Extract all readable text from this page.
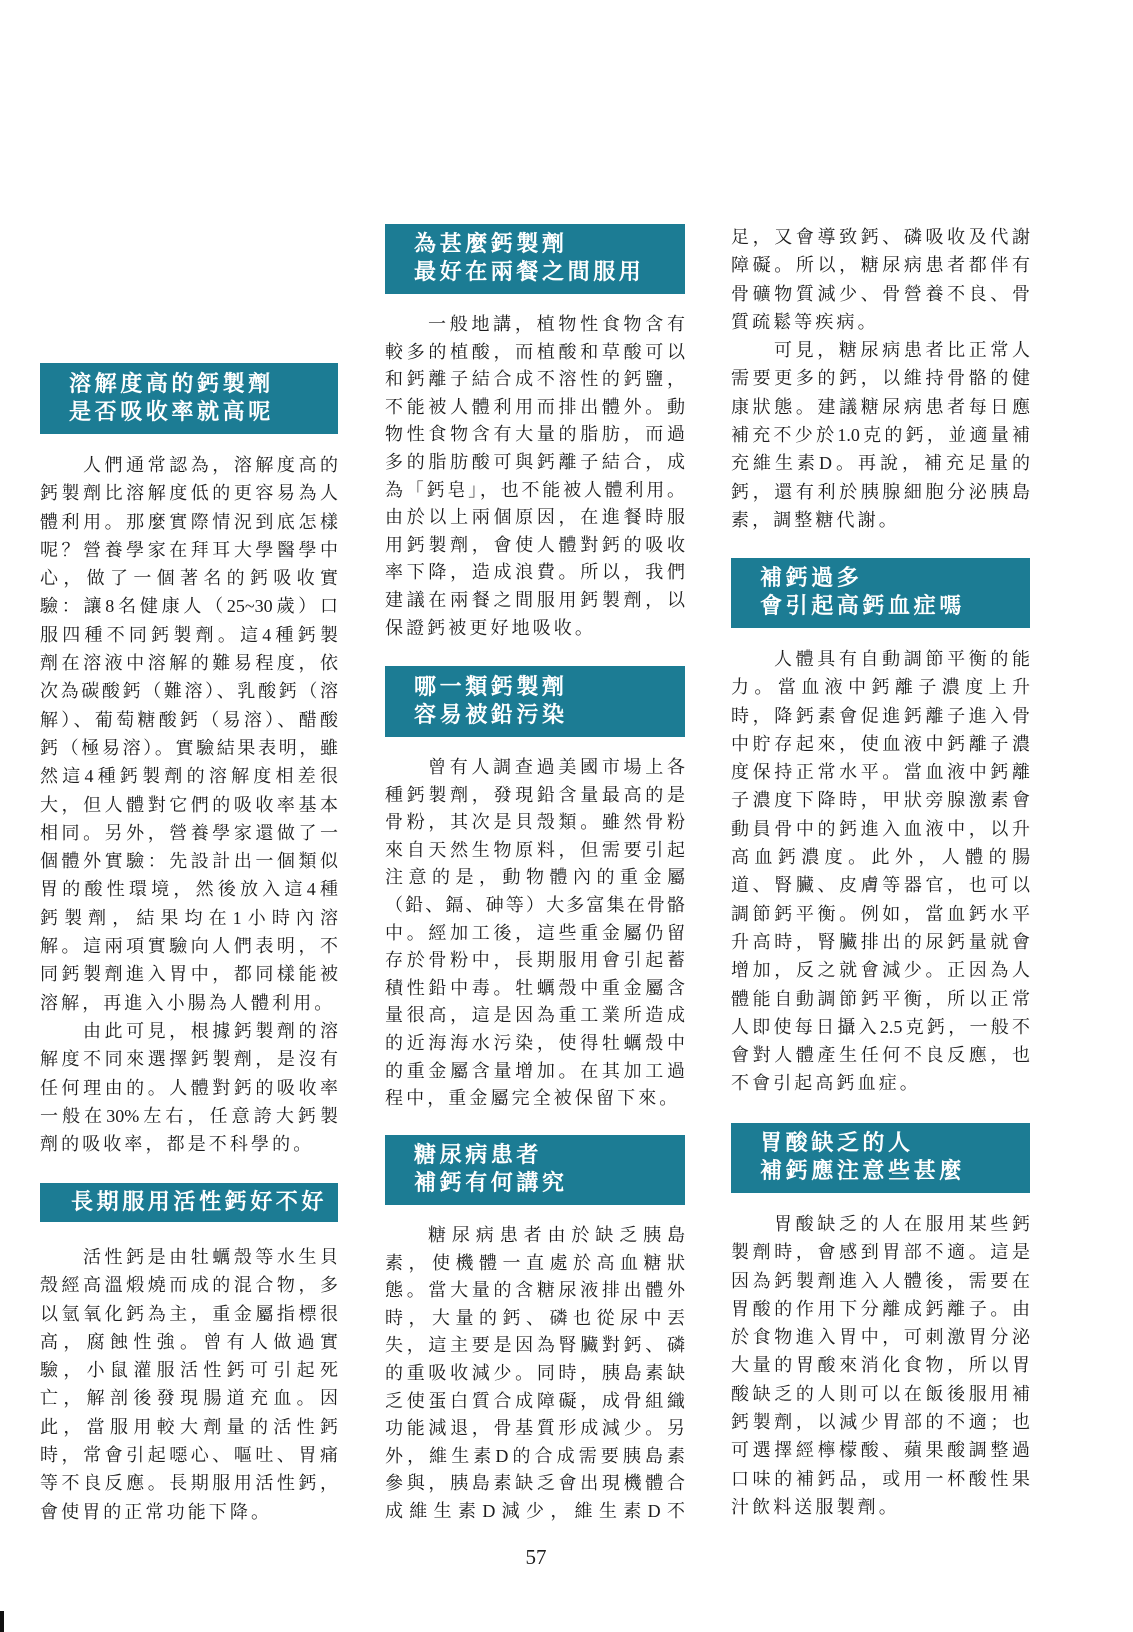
溶解度高的鈣製劑
是否吸收率就高呢
人們通常認為，溶解度高的
鈣製劑比溶解度低的更容易為人
體利用。那麼實際情況到底怎樣
呢？營養學家在拜耳大學醫學中
心，做了一個著名的鈣吸收實
驗：讓8名健康人（25~30歲）口
服四種不同鈣製劑。這4種鈣製
劑在溶液中溶解的難易程度，依
次為碳酸鈣（難溶）、乳酸鈣（溶
解）、葡萄糖酸鈣（易溶）、醋酸
鈣（極易溶）。實驗結果表明，雖
然這4種鈣製劑的溶解度相差很
大，但人體對它們的吸收率基本
相同。另外，營養學家還做了一
個體外實驗：先設計出一個類似
胃的酸性環境，然後放入這4種
鈣製劑，結果均在1小時內溶
解。這兩項實驗向人們表明，不
同鈣製劑進入胃中，都同樣能被
溶解，再進入小腸為人體利用。
由此可見，根據鈣製劑的溶
解度不同來選擇鈣製劑，是沒有
任何理由的。人體對鈣的吸收率
一般在30%左右，任意誇大鈣製
劑的吸收率，都是不科學的。
長期服用活性鈣好不好
活性鈣是由牡蠣殼等水生貝
殼經高溫煅燒而成的混合物，多
以氫氧化鈣為主，重金屬指標很
高，腐蝕性強。曾有人做過實
驗，小鼠灌服活性鈣可引起死
亡，解剖後發現腸道充血。因
此，當服用較大劑量的活性鈣
時，常會引起噁心、嘔吐、胃痛
等不良反應。長期服用活性鈣，
會使胃的正常功能下降。
為甚麼鈣製劑
最好在兩餐之間服用
一般地講，植物性食物含有
較多的植酸，而植酸和草酸可以
和鈣離子結合成不溶性的鈣鹽，
不能被人體利用而排出體外。動
物性食物含有大量的脂肪，而過
多的脂肪酸可與鈣離子結合，成
為「鈣皂」，也不能被人體利用。
由於以上兩個原因，在進餐時服
用鈣製劑，會使人體對鈣的吸收
率下降，造成浪費。所以，我們
建議在兩餐之間服用鈣製劑，以
保證鈣被更好地吸收。
哪一類鈣製劑
容易被鉛污染
曾有人調查過美國市場上各
種鈣製劑，發現鉛含量最高的是
骨粉，其次是貝殼類。雖然骨粉
來自天然生物原料，但需要引起
注意的是，動物體內的重金屬
（鉛、鎘、砷等）大多富集在骨骼
中。經加工後，這些重金屬仍留
存於骨粉中，長期服用會引起蓄
積性鉛中毒。牡蠣殼中重金屬含
量很高，這是因為重工業所造成
的近海海水污染，使得牡蠣殼中
的重金屬含量增加。在其加工過
程中，重金屬完全被保留下來。
糖尿病患者
補鈣有何講究
糖尿病患者由於缺乏胰島
素，使機體一直處於高血糖狀
態。當大量的含糖尿液排出體外
時，大量的鈣、磷也從尿中丟
失，這主要是因為腎臟對鈣、磷
的重吸收減少。同時，胰島素缺
乏使蛋白質合成障礙，成骨組織
功能減退，骨基質形成減少。另
外，維生素D的合成需要胰島素
參與，胰島素缺乏會出現機體合
成維生素D減少，維生素D不
足，又會導致鈣、磷吸收及代謝
障礙。所以，糖尿病患者都伴有
骨礦物質減少、骨營養不良、骨
質疏鬆等疾病。
可見，糖尿病患者比正常人
需要更多的鈣，以維持骨骼的健
康狀態。建議糖尿病患者每日應
補充不少於1.0克的鈣，並適量補
充維生素D。再說，補充足量的
鈣，還有利於胰腺細胞分泌胰島
素，調整糖代謝。
補鈣過多
會引起高鈣血症嗎
人體具有自動調節平衡的能
力。當血液中鈣離子濃度上升
時，降鈣素會促進鈣離子進入骨
中貯存起來，使血液中鈣離子濃
度保持正常水平。當血液中鈣離
子濃度下降時，甲狀旁腺激素會
動員骨中的鈣進入血液中，以升
高血鈣濃度。此外，人體的腸
道、腎臟、皮膚等器官，也可以
調節鈣平衡。例如，當血鈣水平
升高時，腎臟排出的尿鈣量就會
增加，反之就會減少。正因為人
體能自動調節鈣平衡，所以正常
人即使每日攝入2.5克鈣，一般不
會對人體產生任何不良反應，也
不會引起高鈣血症。
胃酸缺乏的人
補鈣應注意些甚麼
胃酸缺乏的人在服用某些鈣
製劑時，會感到胃部不適。這是
因為鈣製劑進入人體後，需要在
胃酸的作用下分離成鈣離子。由
於食物進入胃中，可刺激胃分泌
大量的胃酸來消化食物，所以胃
酸缺乏的人則可以在飯後服用補
鈣製劑，以減少胃部的不適；也
可選擇經檸檬酸、蘋果酸調整過
口味的補鈣品，或用一杯酸性果
汁飲料送服製劑。
57
